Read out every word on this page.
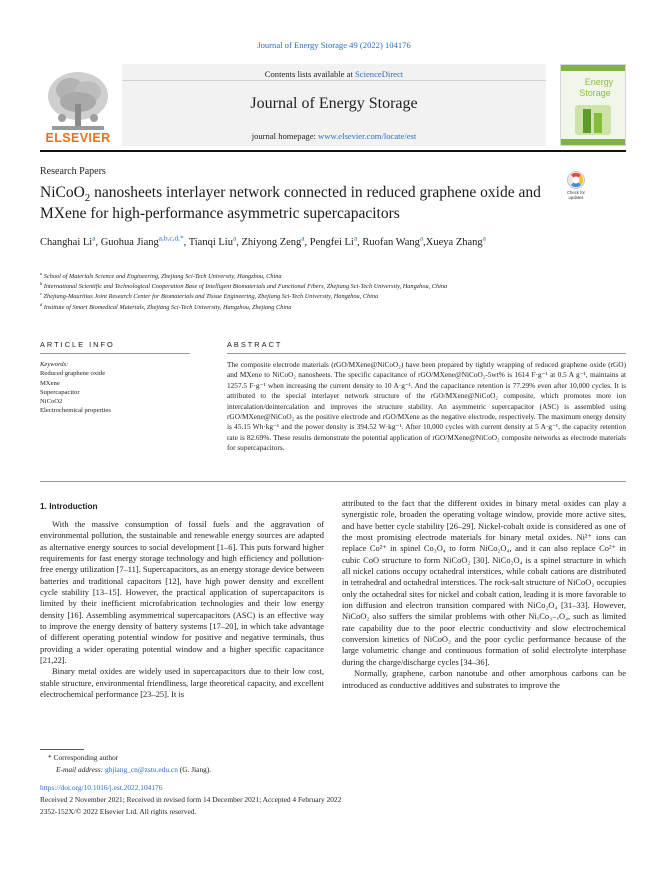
Journal of Energy Storage 49 (2022) 104176
ELSEVIER
Contents lists available at ScienceDirect
Journal of Energy Storage
journal homepage: www.elsevier.com/locate/est
Energy
Storage
Research Papers
NiCoO$_2$ nanosheets interlayer network connected in reduced graphene oxide and MXene for high-performance asymmetric supercapacitors
Check for
updates
Changhai Li$^a$, Guohua Jiang$^{a,b,c,d,*}$, Tianqi Liu$^a$, Zhiyong Zeng$^a$, Pengfei Li$^a$, Ruofan Wang$^a$,Xueya Zhang$^a$
$^a$ School of Materials Science and Engineering, Zhejiang Sci-Tech University, Hangzhou, China
$^b$ International Scientific and Technological Cooperation Base of Intelligent Biomaterials and Functional Fibers, Zhejiang Sci-Tech University, Hangzhou, China
$^c$ Zhejiang-Mauritius Joint Research Center for Biomaterials and Tissue Engineering, Zhejiang Sci-Tech University, Hangzhou, China
$^d$ Institute of Smart Biomedical Materials, Zhejiang Sci-Tech University, Hangzhou, Zhejiang China
ARTICLE INFO
Keywords:
Reduced graphene oxide
MXene
Supercapacitor
NiCoO2
Electrochemical properties
ABSTRACT
The composite electrode materials (rGO/MXene@NiCoO₂) have been prepared by tightly wrapping of reduced graphene oxide (rGO) and MXene to NiCoO₂ nanosheets. The specific capacitance of rGO/MXene@NiCoO₂-5wt% is 1614 F·g⁻¹ at 0.5 A g⁻¹, maintains at 1257.5 F·g⁻¹ when increasing the current density to 10 A·g⁻¹. And the capacitance retention is 77.29% even after 10,000 cycles. It is attributed to the special interlayer network structure of the rGO/MXene@NiCoO₂ composite, which promotes more ion intercalation/deintercalation and improves the structure stability. An asymmetric supercapacitor (ASC) is assembled using rGO/MXene@NiCoO₂ as the positive electrode and rGO/MXene as the negative electrode, respectively. The maximum energy density is 45.15 Wh·kg⁻¹ and the power density is 394.52 W·kg⁻¹. After 10,000 cycles with current density at 5 A·g⁻¹, the capacity retention rate is 82.69%. These results demonstrate the potential application of rGO/MXene@NiCoO₂ composite networks as electrode materials for supercapacitors.
1. Introduction

With the massive consumption of fossil fuels and the aggravation of environmental pollution, the sustainable and renewable energy sources are adapted as alternative energy sources to social development [1–6]. This puts forward higher requirements for fast energy storage technology and high efficiency and pollution-free energy utilization [7–11]. Supercapacitors, as an energy storage device between batteries and traditional capacitors [12], have high power density and excellent cycle stability [13–15]. However, the practical application of supercapacitors is limited by their inefficient microfabrication technologies and their low energy density [16]. Assembling asymmetrical supercapacitors (ASC) is an effective way to improve the energy density of battery systems [17–20], in which take advantage of different operating potential window for positive and negative terminals, thus providing a wider operating potential window and a higher specific capacitance [21,22].

Binary metal oxides are widely used in supercapacitors due to their low cost, stable structure, environmental friendliness, large theoretical capacity, and excellent electrochemical performance [23–25]. It is

attributed to the fact that the different oxides in binary metal oxides can play a synergistic role, broaden the operating voltage window, provide more active sites, and have better cycle stability [26–29]. Nickel-cobalt oxide is considered as one of the most promising electrode materials for binary metal oxides. Ni²⁺ ions can replace Co²⁺ in spinel Co₃O₄ to form NiCo₂O₄, and it can also replace Co²⁺ in cubic CoO structure to form NiCoO₂ [30]. NiCo₂O₄ is a spinel structure in which all nickel cations occupy octahedral interstices, while cobalt cations are distributed in tetrahedral and octahedral interstices. The rock-salt structure of NiCoO₂ occupies only the octahedral sites for nickel and cobalt cation, leading it is more favorable to ion diffusion and electron transition compared with NiCo₂O₄ [31–33]. However, NiCoO₂ also suffers the similar problems with other NiₓCo₃₋ₓO₄, such as limited rate capability due to the poor electric conductivity and slow electrochemical conversion kinetics of NiCoO₂ and the poor cyclic performance because of the large volumetric change and continuous formation of solid electrolyte interphase during the charge/discharge cycles [34–36].

Normally, graphene, carbon nanotube and other amorphous carbons can be introduced as conductive additives and substrates to improve the

* Corresponding author
E-mail address: ghjiang_cn@zstu.edu.cn (G. Jiang).
https://doi.org/10.1016/j.est.2022.104176
Received 2 November 2021; Received in revised form 14 December 2021; Accepted 4 February 2022
2352-152X/© 2022 Elsevier Ltd. All rights reserved.
